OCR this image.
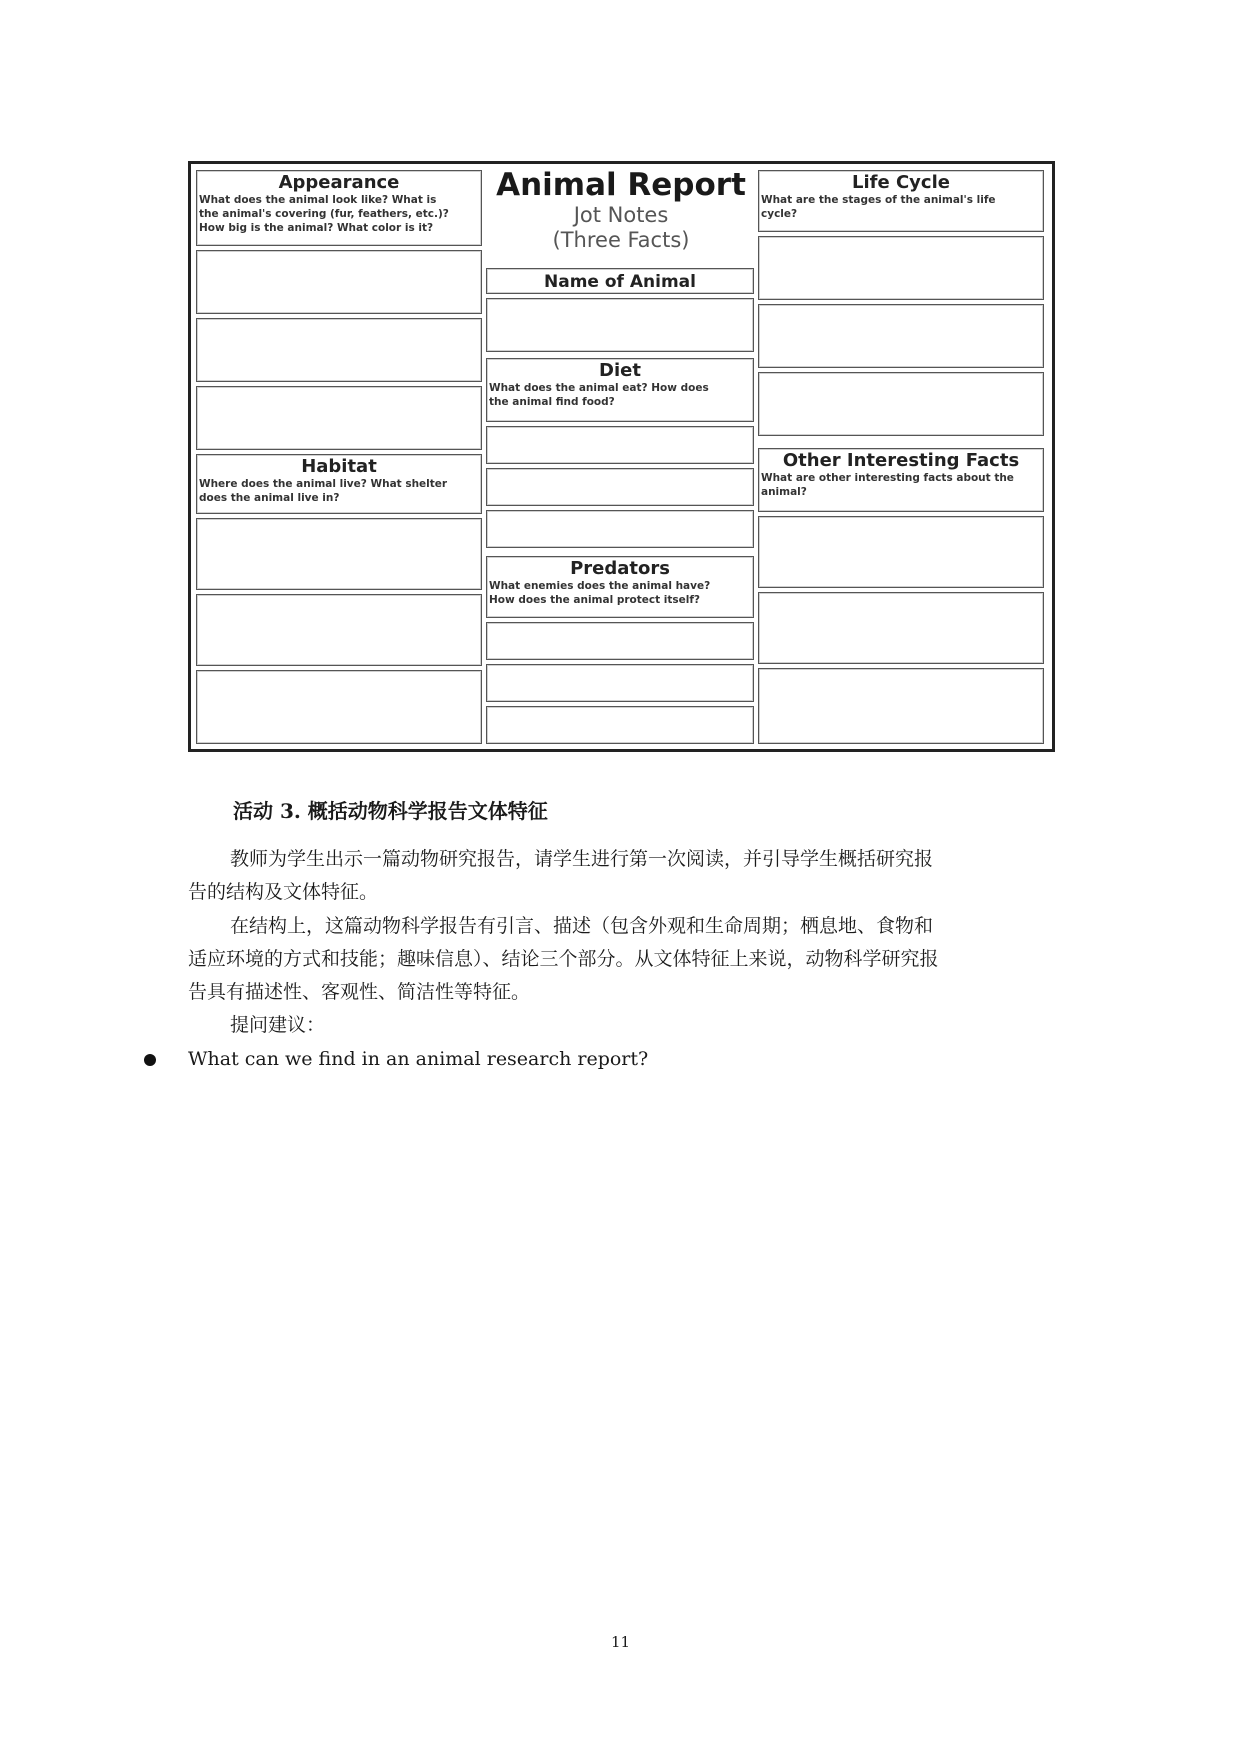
Appearance
What does the animal look like? What is
the animal's covering (fur, feathers, etc.)?
How big is the animal? What color is it?
Habitat
Where does the animal live? What shelter
does the animal live in?
Animal Report
Jot Notes
(Three Facts)
Name of Animal
Diet
What does the animal eat? How does
the animal find food?
Predators
What enemies does the animal have?
How does the animal protect itself?
Life Cycle
What are the stages of the animal's life
cycle?
Other Interesting Facts
What are other interesting facts about the
animal?
活动 3. 概括动物科学报告文体特征
教师为学生出示一篇动物研究报告，请学生进行第一次阅读，并引导学生概括研究报
告的结构及文体特征。
在结构上，这篇动物科学报告有引言、描述（包含外观和生命周期；栖息地、食物和
适应环境的方式和技能；趣味信息）、结论三个部分。从文体特征上来说，动物科学研究报
告具有描述性、客观性、简洁性等特征。
提问建议：
What can we find in an animal research report?
11
